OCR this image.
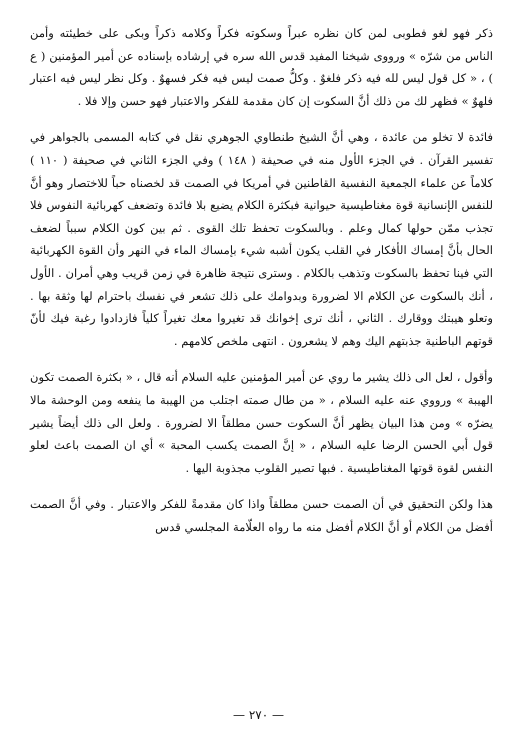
ذكر فهو لغو فطوبى لمن كان نظره عبراً وسكوته فكراً وكلامه ذكراً وبكى على خطيئته وأمن الناس من شرّه » ورووى شيخنا المفيد قدس الله سره في إرشاده بإسناده عن أمير المؤمنين ( ع ) ، « كل قول ليس لله فيه ذكر فلغوٌ . وكلُّ صمت ليس فيه فكر فسهوٌ . وكل نظر ليس فيه اعتبار فلهوٌ » فظهر لك من ذلك أنَّ السكوت إن كان مقدمة للفكر والاعتبار فهو حسن وإلا فلا .

فائدة لا تخلو من عائدة ، وهي أنَّ الشيخ طنطاوي الجوهري نقل في كتابه المسمى بالجواهر في تفسير القرآن . في الجزء الأول منه في صحيفة ( ١٤٨ ) وفي الجزء الثاني في صحيفة ( ١١٠ ) كلاماً عن علماء الجمعية النفسية القاطنين في أمريكا في الصمت قد لخصناه حباً للاختصار وهو أنَّ للنفس الإنسانية قوة مغناطيسية حيوانية فبكثرة الكلام يضيع بلا فائدة وتضعف كهربائية النفوس فلا تجذب ممّن حولها كمال وعلم . وبالسكوت تحفظ تلك القوى . ثم بين كون الكلام سبباً لضعف الحال بأنَّ إمساك الأفكار في القلب يكون أشبه شيء بإمساك الماء في النهر وأن القوة الكهربائية التي فينا تحفظ بالسكوت وتذهب بالكلام . وسترى نتيجة ظاهرة في زمن قريب وهي أمران . الأول ، أنك بالسكوت عن الكلام الا لضرورة وبدوامك على ذلك تشعر في نفسك باحترام لها وثقة بها . وتعلو هيبتك ووقارك . الثاني ، أنك ترى إخوانك قد تغيروا معك تغيراً كلياً فازدادوا رغبة فيك لأنّ قوتهم الباطنية جذبتهم اليك وهم لا يشعرون . انتهى ملخص كلامهم .

وأقول ، لعل الى ذلك يشير ما روي عن أمير المؤمنين عليه السلام أنه قال ، « بكثرة الصمت تكون الهيبة » ورووي عنه عليه السلام ، « من طال صمته اجتلب من الهيبة ما ينفعه ومن الوحشة مالا يضرّه » ومن هذا البيان يظهر أنَّ السكوت حسن مطلقاً الا لضرورة . ولعل الى ذلك أيضاً يشير قول أبي الحسن الرضا عليه السلام ، « إنَّ الصمت يكسب المحبة » أي ان الصمت باعث لعلو النفس لقوة قوتها المغناطيسية . فبها تصير القلوب مجذوبة اليها .

هذا ولكن التحقيق في أن الصمت حسن مطلقاً واذا كان مقدمةً للفكر والاعتبار . وفي أنَّ الصمت أفضل من الكلام أو أنَّ الكلام أفضل منه ما رواه العلّامة المجلسي قدس

— ٢٧٠ —
